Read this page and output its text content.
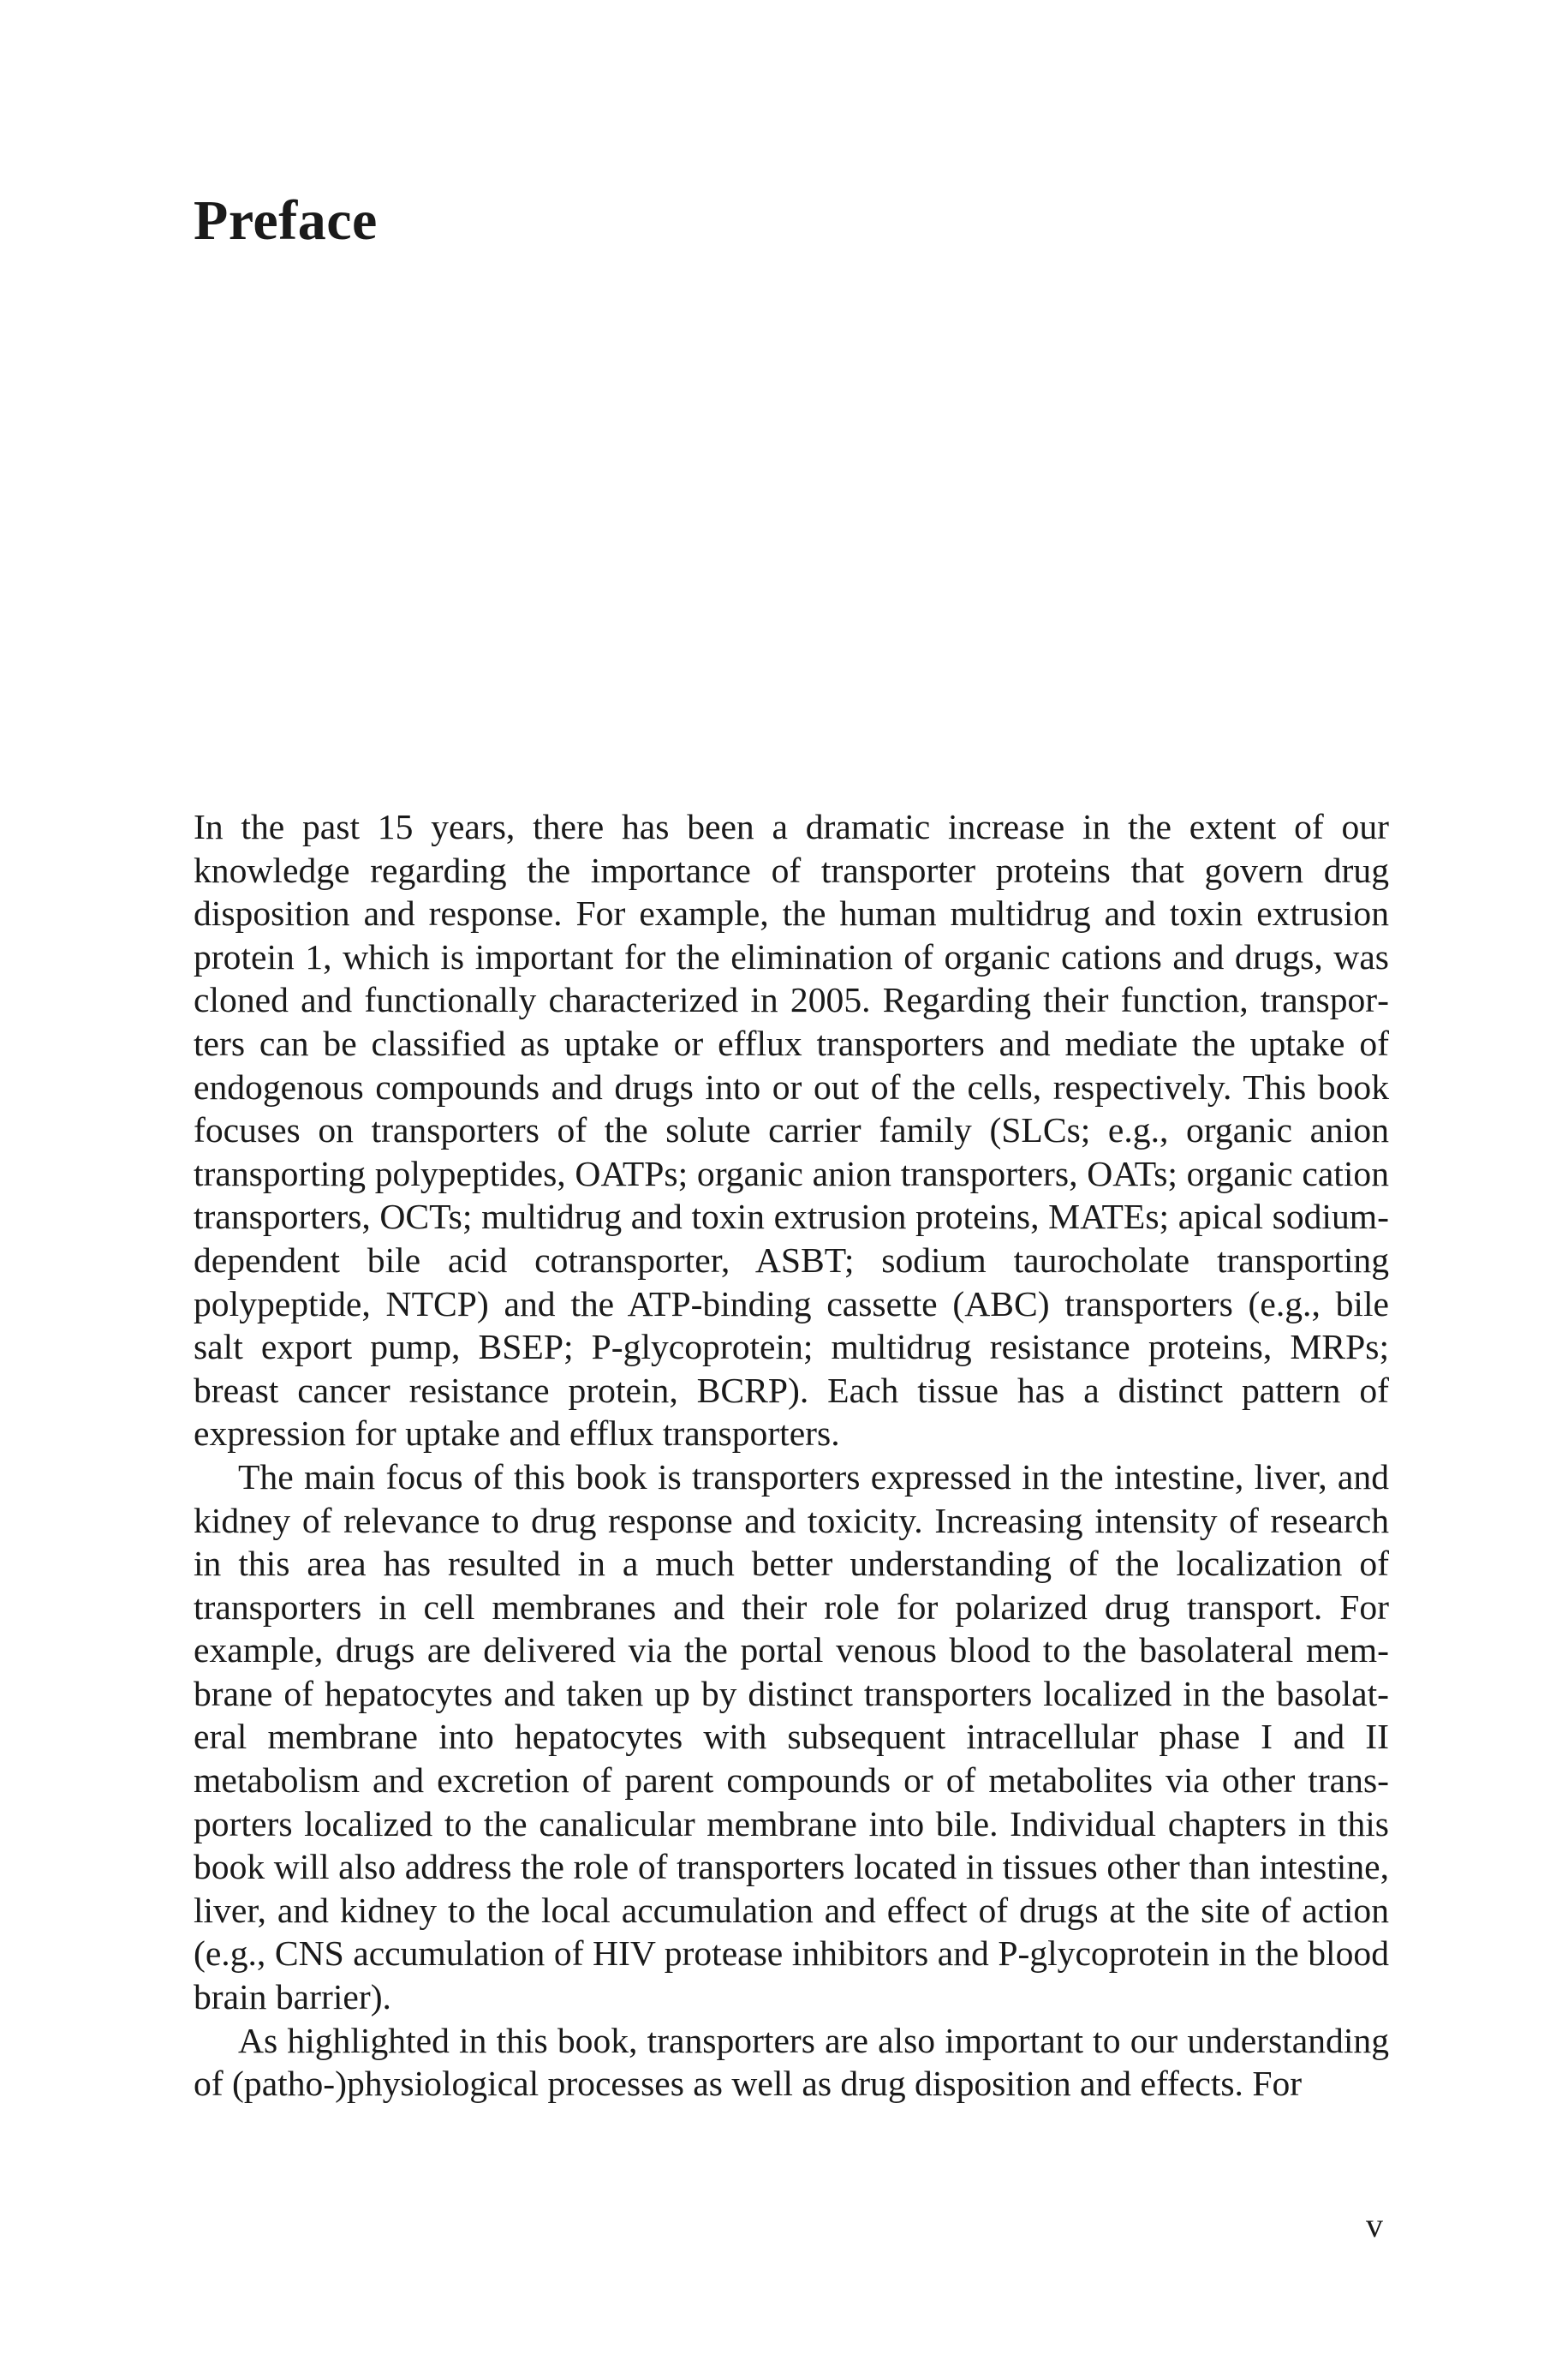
Preface

In the past 15 years, there has been a dramatic increase in the extent of our knowledge regarding the importance of transporter proteins that govern drug disposition and response. For example, the human multidrug and toxin extrusion protein 1, which is important for the elimination of organic cations and drugs, was cloned and functionally characterized in 2005. Regarding their function, transporters can be classified as uptake or efflux transporters and mediate the uptake of endogenous compounds and drugs into or out of the cells, respectively. This book focuses on transporters of the solute carrier family (SLCs; e.g., organic anion transporting polypeptides, OATPs; organic anion transporters, OATs; organic cation transporters, OCTs; multidrug and toxin extrusion proteins, MATEs; apical sodium-dependent bile acid cotransporter, ASBT; sodium taurocholate transporting polypeptide, NTCP) and the ATP-binding cassette (ABC) transporters (e.g., bile salt export pump, BSEP; P-glycoprotein; multidrug resistance proteins, MRPs; breast cancer resistance protein, BCRP). Each tissue has a distinct pattern of expression for uptake and efflux transporters.

The main focus of this book is transporters expressed in the intestine, liver, and kidney of relevance to drug response and toxicity. Increasing intensity of research in this area has resulted in a much better understanding of the localization of transporters in cell membranes and their role for polarized drug transport. For example, drugs are delivered via the portal venous blood to the basolateral membrane of hepatocytes and taken up by distinct transporters localized in the basolateral membrane into hepatocytes with subsequent intracellular phase I and II metabolism and excretion of parent compounds or of metabolites via other transporters localized to the canalicular membrane into bile. Individual chapters in this book will also address the role of transporters located in tissues other than intestine, liver, and kidney to the local accumulation and effect of drugs at the site of action (e.g., CNS accumulation of HIV protease inhibitors and P-glycoprotein in the blood brain barrier).

As highlighted in this book, transporters are also important to our understanding of (patho-)physiological processes as well as drug disposition and effects. For

v
